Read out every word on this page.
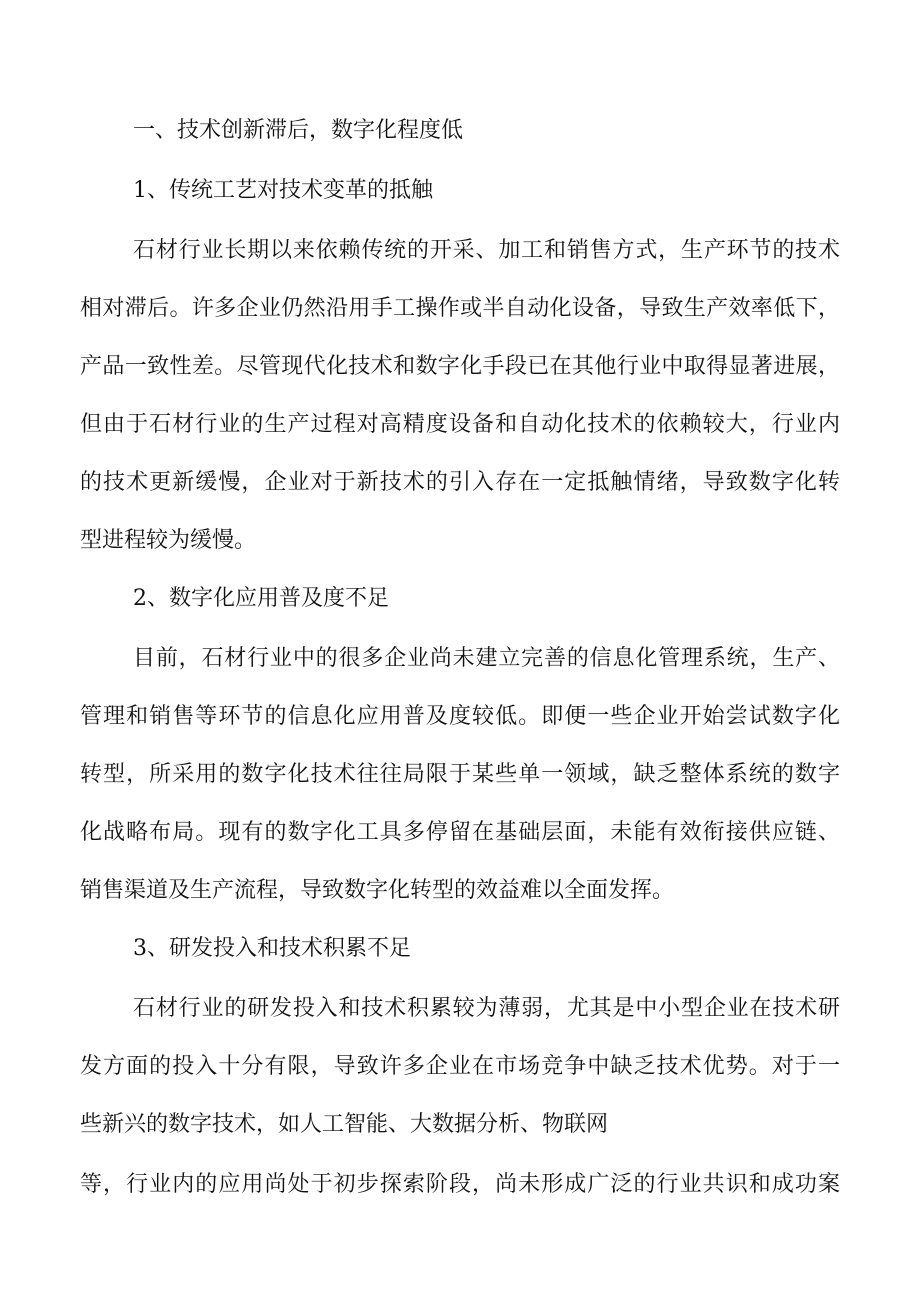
一、技术创新滞后，数字化程度低

1、传统工艺对技术变革的抵触

石材行业长期以来依赖传统的开采、加工和销售方式，生产环节的技术

相对滞后。许多企业仍然沿用手工操作或半自动化设备，导致生产效率低下，

产品一致性差。尽管现代化技术和数字化手段已在其他行业中取得显著进展，

但由于石材行业的生产过程对高精度设备和自动化技术的依赖较大，行业内

的技术更新缓慢，企业对于新技术的引入存在一定抵触情绪，导致数字化转

型进程较为缓慢。

2、数字化应用普及度不足

目前，石材行业中的很多企业尚未建立完善的信息化管理系统，生产、

管理和销售等环节的信息化应用普及度较低。即便一些企业开始尝试数字化

转型，所采用的数字化技术往往局限于某些单一领域，缺乏整体系统的数字

化战略布局。现有的数字化工具多停留在基础层面，未能有效衔接供应链、

销售渠道及生产流程，导致数字化转型的效益难以全面发挥。

3、研发投入和技术积累不足

石材行业的研发投入和技术积累较为薄弱，尤其是中小型企业在技术研

发方面的投入十分有限，导致许多企业在市场竞争中缺乏技术优势。对于一

些新兴的数字技术，如人工智能、大数据分析、物联网

等，行业内的应用尚处于初步探索阶段，尚未形成广泛的行业共识和成功案
